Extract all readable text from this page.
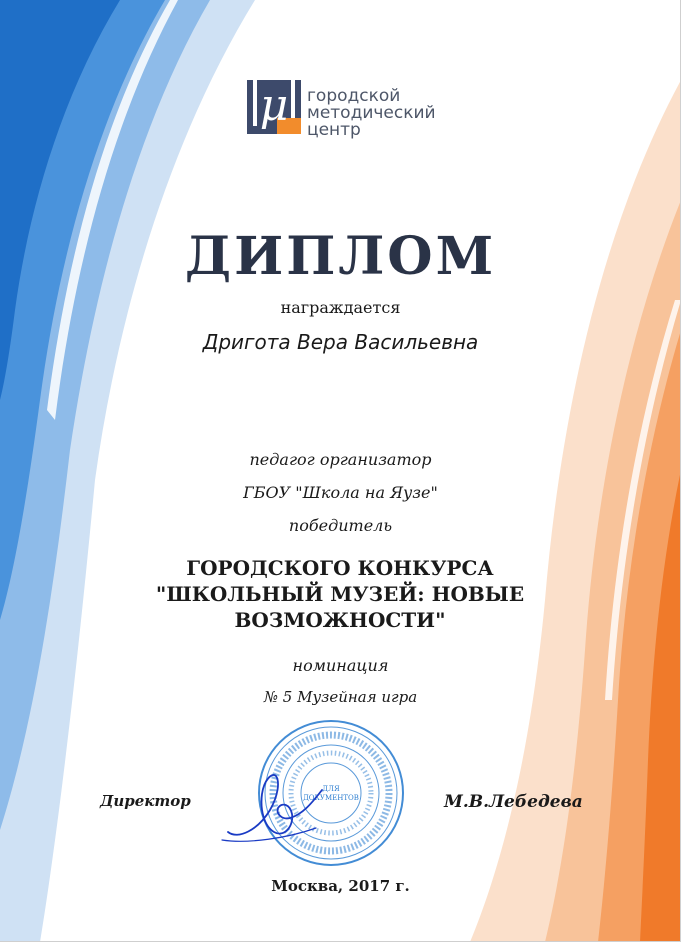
μ городской
методический
центр
ДИПЛОМ
награждается
Дригота Вера Васильевна
педагог организатор
ГБОУ "Школа на Яузе"
победитель
ГОРОДСКОГО КОНКУРСА
"ШКОЛЬНЫЙ МУЗЕЙ: НОВЫЕ
ВОЗМОЖНОСТИ"
номинация
№ 5 Музейная игра
ДЛЯ
ДОКУМЕНТОВ
Директор	М.В.Лебедева
Москва, 2017 г.
